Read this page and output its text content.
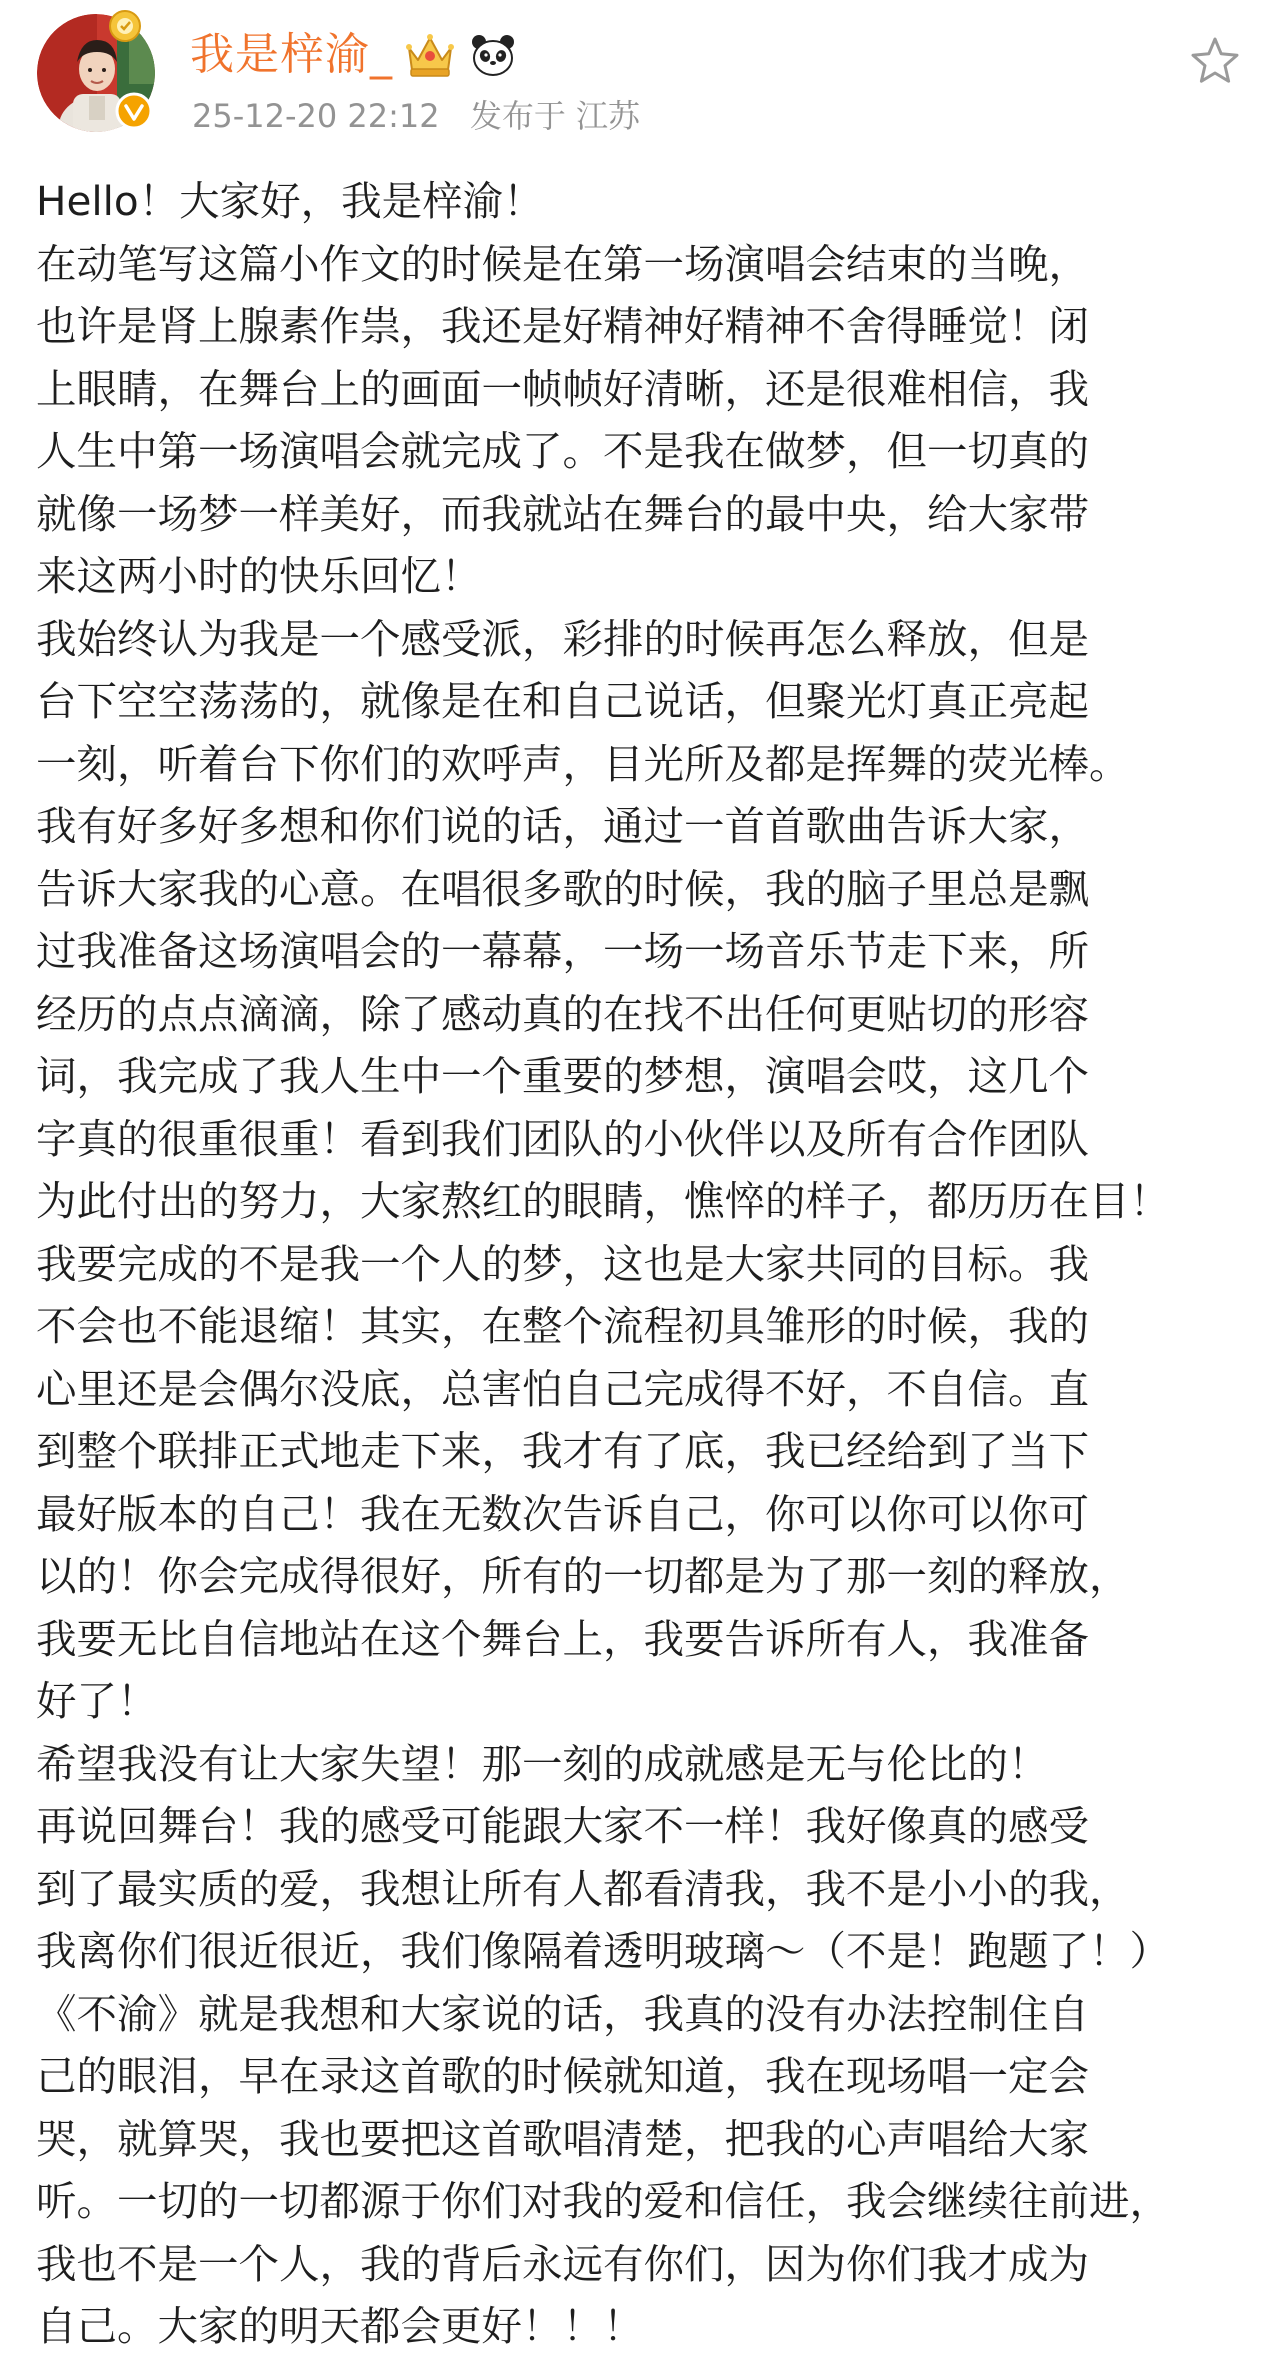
我是梓渝_
25-12-20 22:12 发布于 江苏
Hello！大家好，我是梓渝！
在动笔写这篇小作文的时候是在第一场演唱会结束的当晚，
也许是肾上腺素作祟，我还是好精神好精神不舍得睡觉！闭
上眼睛，在舞台上的画面一帧帧好清晰，还是很难相信，我
人生中第一场演唱会就完成了。不是我在做梦，但一切真的
就像一场梦一样美好，而我就站在舞台的最中央，给大家带
来这两小时的快乐回忆！
我始终认为我是一个感受派，彩排的时候再怎么释放，但是
台下空空荡荡的，就像是在和自己说话，但聚光灯真正亮起
一刻，听着台下你们的欢呼声，目光所及都是挥舞的荧光棒。
我有好多好多想和你们说的话，通过一首首歌曲告诉大家，
告诉大家我的心意。在唱很多歌的时候，我的脑子里总是飘
过我准备这场演唱会的一幕幕，一场一场音乐节走下来，所
经历的点点滴滴，除了感动真的在找不出任何更贴切的形容
词，我完成了我人生中一个重要的梦想，演唱会哎，这几个
字真的很重很重！看到我们团队的小伙伴以及所有合作团队
为此付出的努力，大家熬红的眼睛，憔悴的样子，都历历在目！
我要完成的不是我一个人的梦，这也是大家共同的目标。我
不会也不能退缩！其实，在整个流程初具雏形的时候，我的
心里还是会偶尔没底，总害怕自己完成得不好，不自信。直
到整个联排正式地走下来，我才有了底，我已经给到了当下
最好版本的自己！我在无数次告诉自己，你可以你可以你可
以的！你会完成得很好，所有的一切都是为了那一刻的释放，
我要无比自信地站在这个舞台上，我要告诉所有人，我准备
好了！
希望我没有让大家失望！那一刻的成就感是无与伦比的！
再说回舞台！我的感受可能跟大家不一样！我好像真的感受
到了最实质的爱，我想让所有人都看清我，我不是小小的我，
我离你们很近很近，我们像隔着透明玻璃～（不是！跑题了！）
《不渝》就是我想和大家说的话，我真的没有办法控制住自
己的眼泪，早在录这首歌的时候就知道，我在现场唱一定会
哭，就算哭，我也要把这首歌唱清楚，把我的心声唱给大家
听。一切的一切都源于你们对我的爱和信任，我会继续往前进，
我也不是一个人，我的背后永远有你们，因为你们我才成为
自己。大家的明天都会更好！！！
